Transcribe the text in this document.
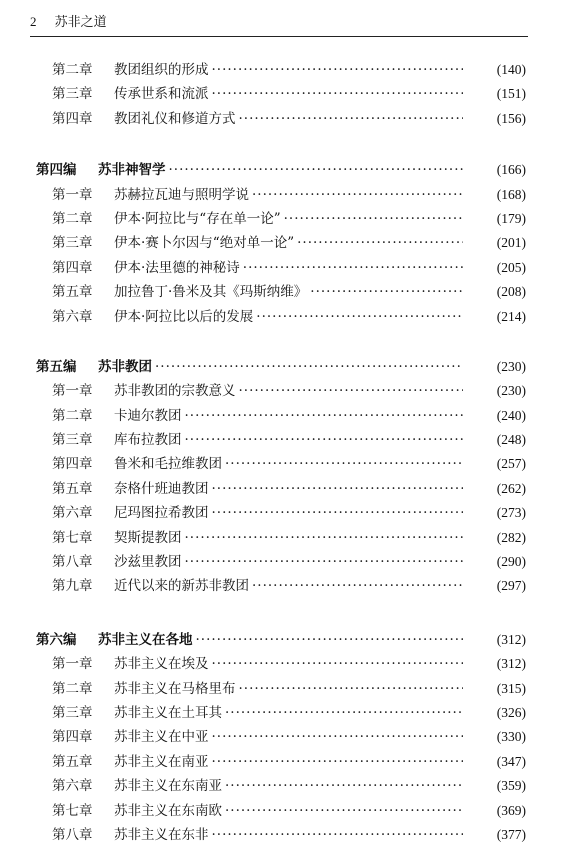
2 苏非之道
第二章	教团组织的形成 ·····	(140)
第三章	传承世系和流派 ·····	(151)
第四章	教团礼仪和修道方式 ·····	(156)
第四编	苏非神智学 ·····	(166)
第一章	苏赫拉瓦迪与照明学说 ·····	(168)
第二章	伊本·阿拉比与“存在单一论” ·····	(179)
第三章	伊本·赛卜尔因与“绝对单一论” ·····	(201)
第四章	伊本·法里德的神秘诗 ·····	(205)
第五章	加拉鲁丁·鲁米及其《玛斯纳维》 ·····	(208)
第六章	伊本·阿拉比以后的发展 ·····	(214)
第五编	苏非教团 ·····	(230)
第一章	苏非教团的宗教意义 ·····	(230)
第二章	卡迪尔教团 ·····	(240)
第三章	库布拉教团 ·····	(248)
第四章	鲁米和毛拉维教团 ·····	(257)
第五章	奈格什班迪教团 ·····	(262)
第六章	尼玛图拉希教团 ·····	(273)
第七章	契斯提教团 ·····	(282)
第八章	沙兹里教团 ·····	(290)
第九章	近代以来的新苏非教团 ·····	(297)
第六编	苏非主义在各地 ·····	(312)
第一章	苏非主义在埃及 ·····	(312)
第二章	苏非主义在马格里布 ·····	(315)
第三章	苏非主义在土耳其 ·····	(326)
第四章	苏非主义在中亚 ·····	(330)
第五章	苏非主义在南亚 ·····	(347)
第六章	苏非主义在东南亚 ·····	(359)
第七章	苏非主义在东南欧 ·····	(369)
第八章	苏非主义在东非 ·····	(377)
